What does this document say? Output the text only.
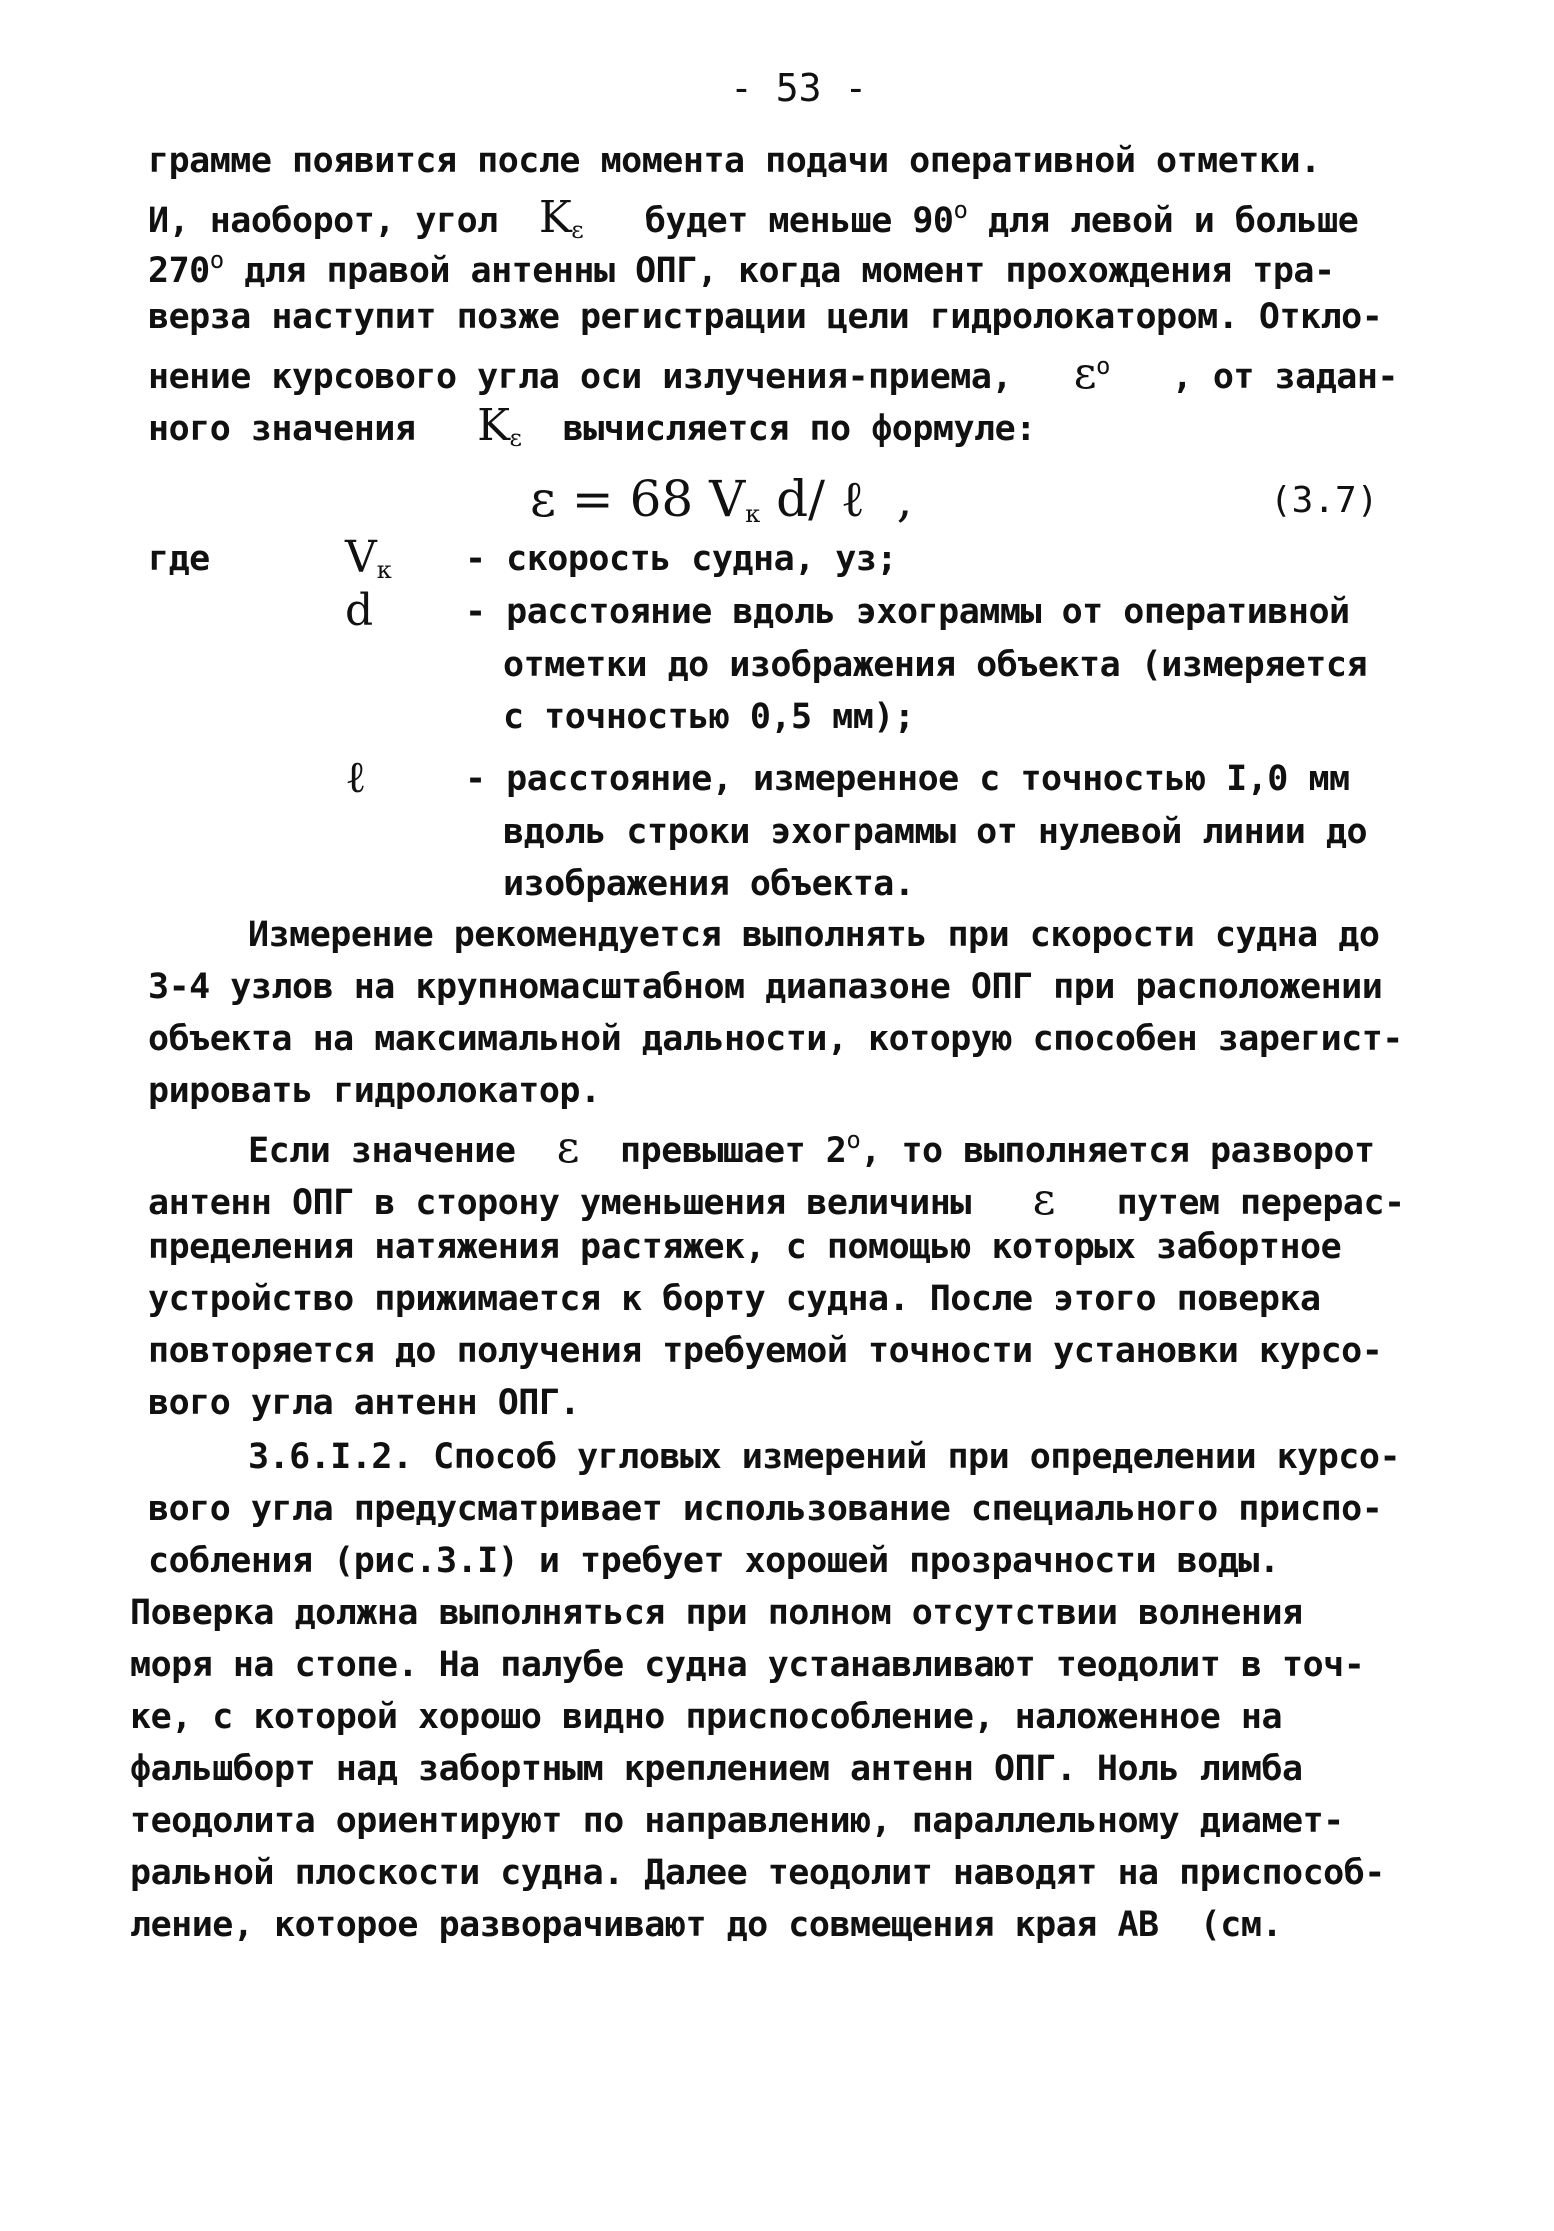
- 53 -
грамме появится после момента подачи оперативной отметки.
И, наоборот, угол Kε будет меньше 90$^o$ для левой и больше
270$^o$ для правой антенны ОПГ, когда момент прохождения тра-
верза наступит позже регистрации цели гидролокатором. Откло-
нение курсового угла оси излучения-приема, $\varepsilon^o$ , от задан-
ного значения Kε вычисляется по формуле:
ε = 68 Vк d/ ℓ  ,	(3.7)
где	Vк - скорость судна, уз;
d	- расстояние вдоль эхограммы от оперативной
отметки до изображения объекта (измеряется
с точностью 0,5 мм);
ℓ	- расстояние, измеренное с точностью I,0 мм
вдоль строки эхограммы от нулевой линии до
изображения объекта.
Измерение рекомендуется выполнять при скорости судна до
3-4 узлов на крупномасштабном диапазоне ОПГ при расположении
объекта на максимальной дальности, которую способен зарегист-
рировать гидролокатор.
Если значение ε превышает 2$^o$, то выполняется разворот
антенн ОПГ в сторону уменьшения величины ε путем перерас-
пределения натяжения растяжек, с помощью которых забортное
устройство прижимается к борту судна. После этого поверка
повторяется до получения требуемой точности установки курсо-
вого угла антенн ОПГ.
3.6.I.2. Способ угловых измерений при определении курсо-
вого угла предусматривает использование специального приспо-
собления (рис.3.I) и требует хорошей прозрачности воды.
Поверка должна выполняться при полном отсутствии волнения
моря на стопе. На палубе судна устанавливают теодолит в точ-
ке, с которой хорошо видно приспособление, наложенное на
фальшборт над забортным креплением антенн ОПГ. Ноль лимба
теодолита ориентируют по направлению, параллельному диамет-
ральной плоскости судна. Далее теодолит наводят на приспособ-
ление, которое разворачивают до совмещения края АВ  (см.
